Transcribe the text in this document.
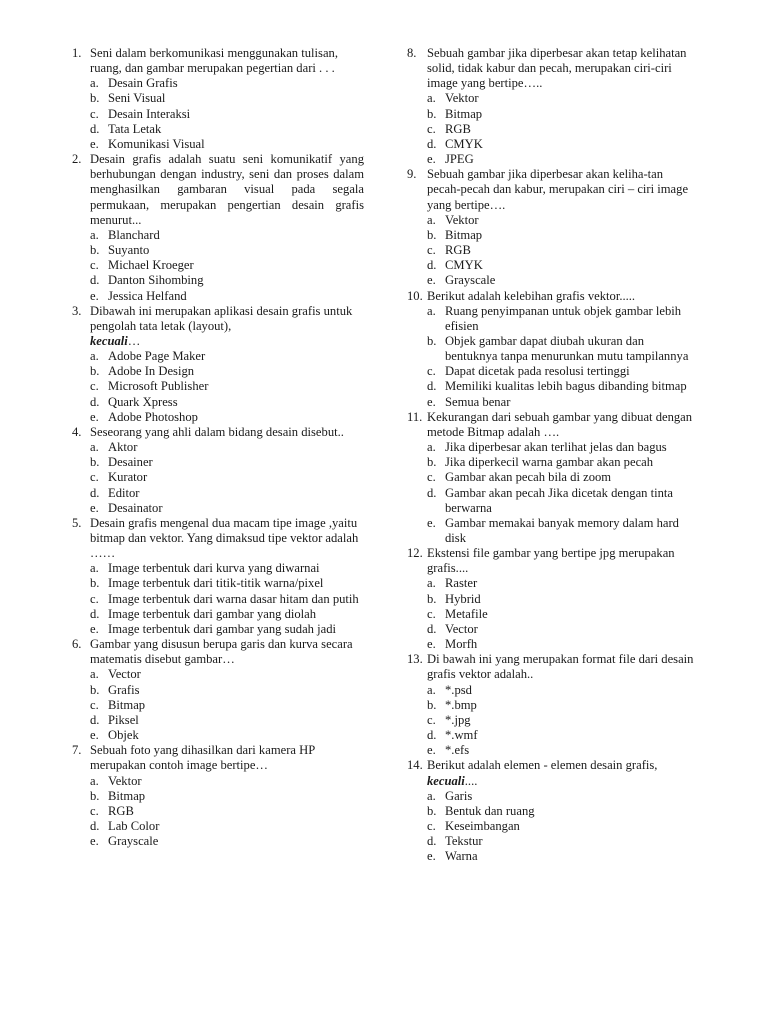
1. Seni dalam berkomunikasi menggunakan tulisan, ruang, dan gambar merupakan pegertian dari . . .
a. Desain Grafis
b. Seni Visual
c. Desain Interaksi
d. Tata Letak
e. Komunikasi Visual
2. Desain grafis adalah suatu seni komunikatif yang berhubungan dengan industry, seni dan proses dalam menghasilkan gambaran visual pada segala permukaan, merupakan pengertian desain grafis menurut...
a. Blanchard
b. Suyanto
c. Michael Kroeger
d. Danton Sihombing
e. Jessica Helfand
3. Dibawah ini merupakan aplikasi desain grafis untuk pengolah tata letak (layout),
kecuali…
a. Adobe Page Maker
b. Adobe In Design
c. Microsoft Publisher
d. Quark Xpress
e. Adobe Photoshop
4. Seseorang yang ahli dalam bidang desain disebut..
a. Aktor
b. Desainer
c. Kurator
d. Editor
e. Desainator
5. Desain grafis mengenal dua macam tipe image ,yaitu bitmap dan vektor. Yang dimaksud tipe vektor adalah ……
a. Image terbentuk dari kurva yang diwarnai
b. Image terbentuk dari titik-titik warna/pixel
c. Image terbentuk dari warna dasar hitam dan putih
d. Image terbentuk dari gambar yang diolah
e. Image terbentuk dari gambar yang sudah jadi
6. Gambar yang disusun berupa garis dan kurva secara matematis disebut gambar…
a. Vector
b. Grafis
c. Bitmap
d. Piksel
e. Objek
7. Sebuah foto yang dihasilkan dari kamera HP merupakan contoh image bertipe…
a. Vektor
b. Bitmap
c. RGB
d. Lab Color
e. Grayscale
8. Sebuah gambar jika diperbesar akan tetap kelihatan solid, tidak kabur dan pecah, merupakan ciri-ciri image yang bertipe…..
a. Vektor
b. Bitmap
c. RGB
d. CMYK
e. JPEG
9. Sebuah gambar jika diperbesar akan keliha-tan pecah-pecah dan kabur, merupakan ciri – ciri image yang bertipe….
a. Vektor
b. Bitmap
c. RGB
d. CMYK
e. Grayscale
10. Berikut adalah kelebihan grafis vektor.....
a. Ruang penyimpanan untuk objek gambar lebih efisien
b. Objek gambar dapat diubah ukuran dan bentuknya tanpa menurunkan mutu tampilannya
c. Dapat dicetak pada resolusi tertinggi
d. Memiliki kualitas lebih bagus dibanding bitmap
e. Semua benar
11. Kekurangan dari sebuah gambar yang dibuat dengan metode Bitmap adalah ….
a. Jika diperbesar akan terlihat jelas dan bagus
b. Jika diperkecil warna gambar akan pecah
c. Gambar akan pecah bila di zoom
d. Gambar akan pecah Jika dicetak dengan tinta berwarna
e. Gambar memakai banyak memory dalam hard disk
12. Ekstensi file gambar yang bertipe jpg merupakan grafis....
a. Raster
b. Hybrid
c. Metafile
d. Vector
e. Morfh
13. Di bawah ini yang merupakan format file dari desain grafis vektor adalah..
a. *.psd
b. *.bmp
c. *.jpg
d. *.wmf
e. *.efs
14. Berikut adalah elemen - elemen desain grafis, kecuali....
a. Garis
b. Bentuk dan ruang
c. Keseimbangan
d. Tekstur
e. Warna
